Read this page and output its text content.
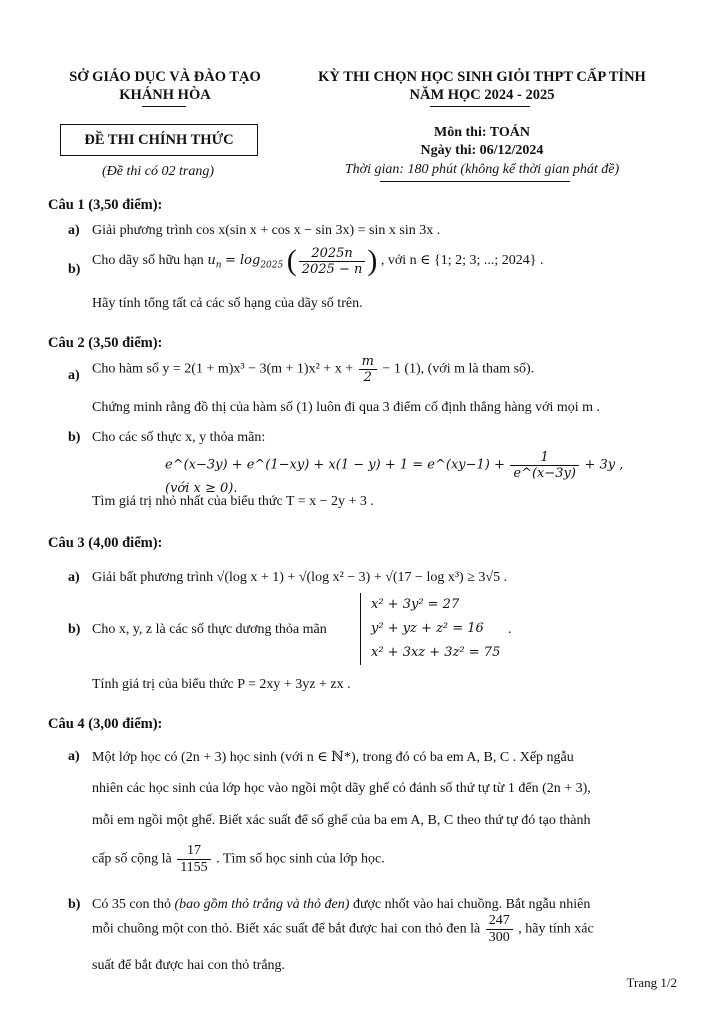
SỞ GIÁO DỤC VÀ ĐÀO TẠO
KHÁNH HÒA
KỲ THI CHỌN HỌC SINH GIỎI THPT CẤP TỈNH
NĂM HỌC 2024 - 2025
ĐỀ THI CHÍNH THỨC
(Đề thi có 02 trang)
Môn thi: TOÁN
Ngày thi: 06/12/2024
Thời gian: 180 phút (không kể thời gian phát đề)
Câu 1 (3,50 điểm):
a) Giải phương trình cos x(sin x + cos x − sin 3x) = sin x sin 3x .
b)
Cho dãy số hữu hạn $u_n = \log_{2025}$ ( $\frac{2025n}{2025 - n}$ ) , với n ∈ {1; 2; 3; ...; 2024} .
Hãy tính tổng tất cả các số hạng của dãy số trên.
Câu 2 (3,50 điểm):
a) Cho hàm số $y = 2(1 + m)x^3 - 3(m + 1)x^2 + x + \frac{m}{2} - 1$ (1), (với m là tham số).
Chứng minh rằng đồ thị của hàm số (1) luôn đi qua 3 điểm cố định thẳng hàng với mọi m .
b) Cho các số thực x, y thỏa mãn:
e^(x−3y) + e^(1−xy) + x(1 − y) + 1 = e^(xy−1) + $\frac{1}{e\^{}(x-3y)} + 3y$ , (với x ≥ 0).
Tìm giá trị nhỏ nhất của biểu thức T = x − 2y + 3 .
Câu 3 (4,00 điểm):
a) Giải bất phương trình √(log x + 1) + √(log x² − 3) + √(17 − log x³) ≥ 3√5 .
b) Cho x, y, z là các số thực dương thỏa mãn
x² + 3y² = 27
y² + yz + z² = 16
x² + 3xz + 3z² = 75
.
Tính giá trị của biểu thức P = 2xy + 3yz + zx .
Câu 4 (3,00 điểm):
a) Một lớp học có (2n + 3) học sinh (với n ∈ ℕ*), trong đó có ba em A, B, C . Xếp ngẫu
nhiên các học sinh của lớp học vào ngồi một dãy ghế có đánh số thứ tự từ 1 đến (2n + 3),
mỗi em ngồi một ghế. Biết xác suất để số ghế của ba em A, B, C theo thứ tự đó tạo thành
cấp số cộng là $\frac{17}{1155}$ . Tìm số học sinh của lớp học.
b) Có 35 con thỏ (bao gồm thỏ trắng và thỏ đen) được nhốt vào hai chuồng. Bắt ngẫu nhiên
mỗi chuồng một con thỏ. Biết xác suất để bắt được hai con thỏ đen là $\frac{247}{300}$ , hãy tính xác
suất để bắt được hai con thỏ trắng.
Trang 1/2
